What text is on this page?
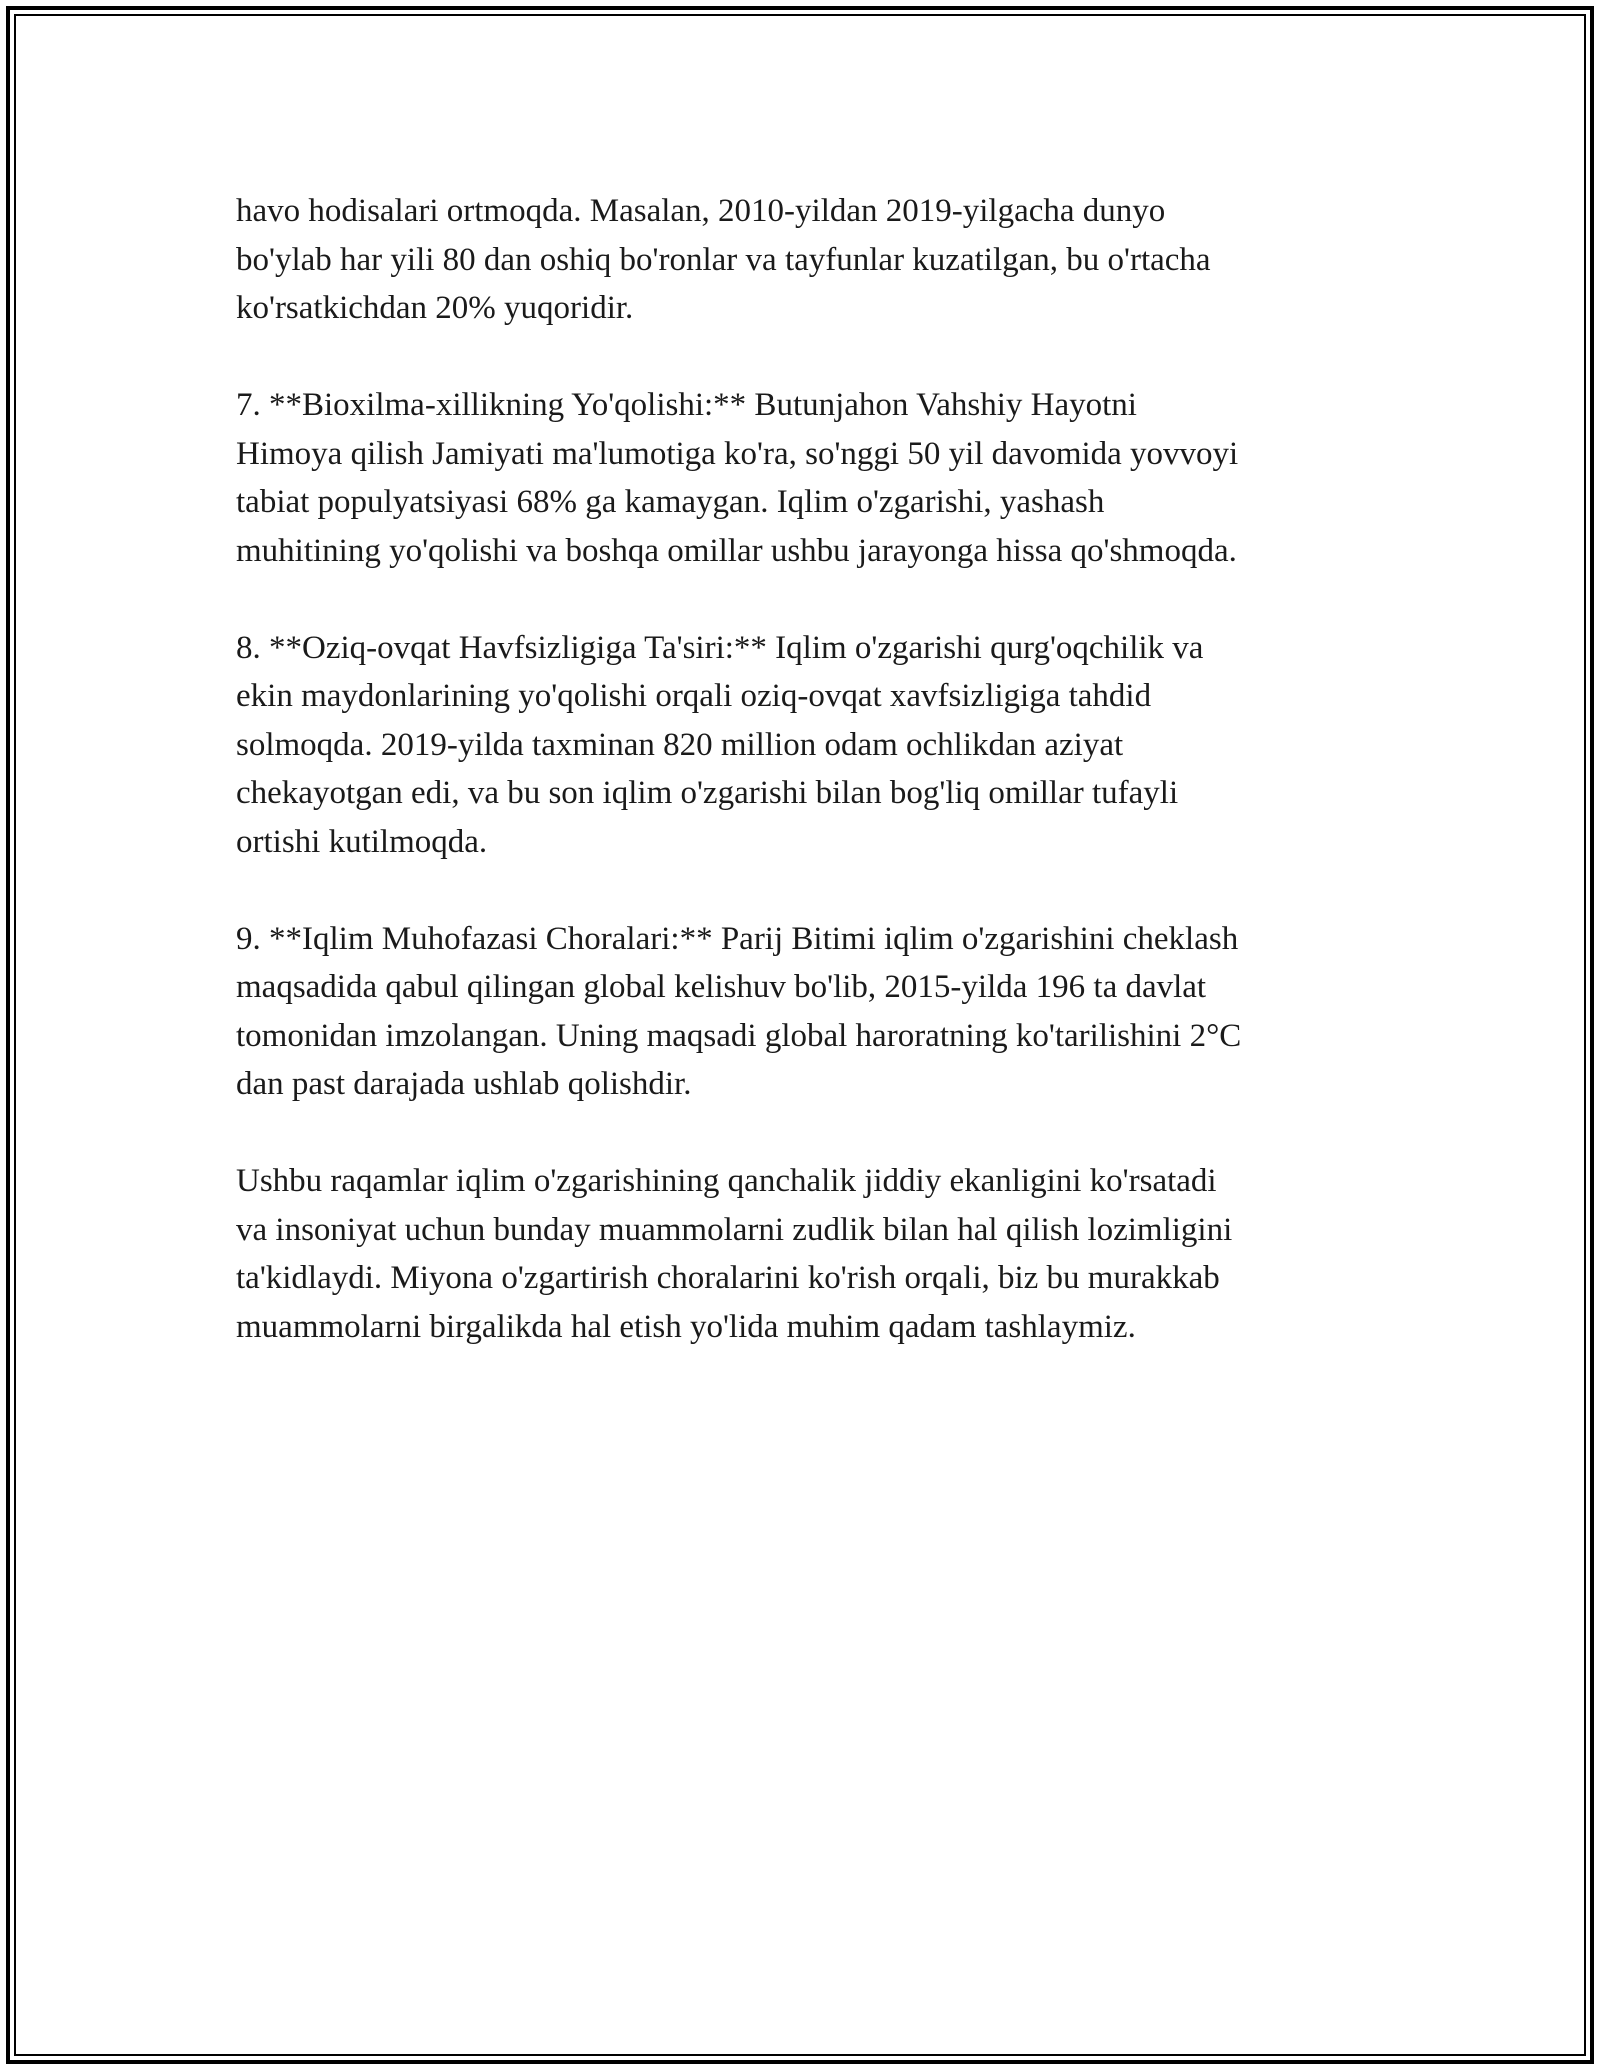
havo hodisalari ortmoqda. Masalan, 2010-yildan 2019-yilgacha dunyo

bo'ylab har yili 80 dan oshiq bo'ronlar va tayfunlar kuzatilgan, bu o'rtacha

ko'rsatkichdan 20% yuqoridir.

7. **Bioxilma-xillikning Yo'qolishi:** Butunjahon Vahshiy Hayotni

Himoya qilish Jamiyati ma'lumotiga ko'ra, so'nggi 50 yil davomida yovvoyi

tabiat populyatsiyasi 68% ga kamaygan. Iqlim o'zgarishi, yashash

muhitining yo'qolishi va boshqa omillar ushbu jarayonga hissa qo'shmoqda.

8. **Oziq-ovqat Havfsizligiga Ta'siri:** Iqlim o'zgarishi qurg'oqchilik va

ekin maydonlarining yo'qolishi orqali oziq-ovqat xavfsizligiga tahdid

solmoqda. 2019-yilda taxminan 820 million odam ochlikdan aziyat

chekayotgan edi, va bu son iqlim o'zgarishi bilan bog'liq omillar tufayli

ortishi kutilmoqda.

9. **Iqlim Muhofazasi Choralari:** Parij Bitimi iqlim o'zgarishini cheklash

maqsadida qabul qilingan global kelishuv bo'lib, 2015-yilda 196 ta davlat

tomonidan imzolangan. Uning maqsadi global haroratning ko'tarilishini 2°C

dan past darajada ushlab qolishdir.

Ushbu raqamlar iqlim o'zgarishining qanchalik jiddiy ekanligini ko'rsatadi

va insoniyat uchun bunday muammolarni zudlik bilan hal qilish lozimligini

ta'kidlaydi. Miyona o'zgartirish choralarini ko'rish orqali, biz bu murakkab

muammolarni birgalikda hal etish yo'lida muhim qadam tashlaymiz.
